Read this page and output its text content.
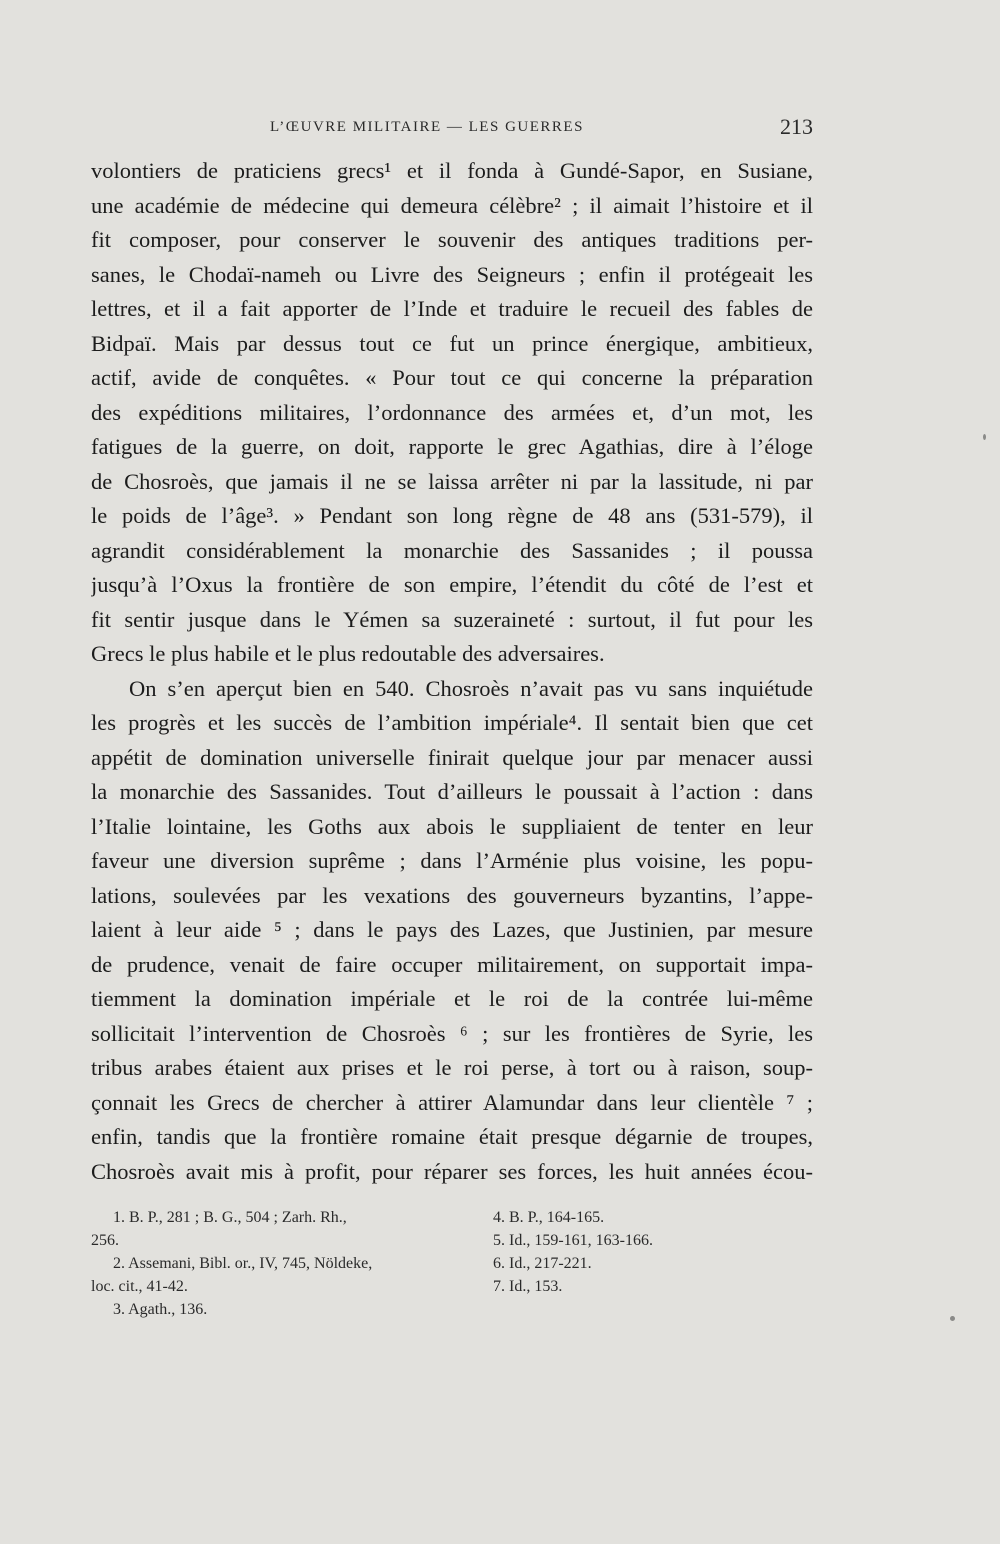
L’ŒUVRE MILITAIRE — LES GUERRES	213
volontiers de praticiens grecs¹ et il fonda à Gundé-Sapor, en Susiane,
une académie de médecine qui demeura célèbre² ; il aimait l’histoire et il
fit composer, pour conserver le souvenir des antiques traditions per-
sanes, le Chodaï-nameh ou Livre des Seigneurs ; enfin il protégeait les
lettres, et il a fait apporter de l’Inde et traduire le recueil des fables de
Bidpaï. Mais par dessus tout ce fut un prince énergique, ambitieux,
actif, avide de conquêtes. « Pour tout ce qui concerne la préparation
des expéditions militaires, l’ordonnance des armées et, d’un mot, les
fatigues de la guerre, on doit, rapporte le grec Agathias, dire à l’éloge
de Chosroès, que jamais il ne se laissa arrêter ni par la lassitude, ni par
le poids de l’âge³. » Pendant son long règne de 48 ans (531-579), il
agrandit considérablement la monarchie des Sassanides ; il poussa
jusqu’à l’Oxus la frontière de son empire, l’étendit du côté de l’est et
fit sentir jusque dans le Yémen sa suzeraineté : surtout, il fut pour les
Grecs le plus habile et le plus redoutable des adversaires.
On s’en aperçut bien en 540. Chosroès n’avait pas vu sans inquiétude
les progrès et les succès de l’ambition impériale⁴. Il sentait bien que cet
appétit de domination universelle finirait quelque jour par menacer aussi
la monarchie des Sassanides. Tout d’ailleurs le poussait à l’action : dans
l’Italie lointaine, les Goths aux abois le suppliaient de tenter en leur
faveur une diversion suprême ; dans l’Arménie plus voisine, les popu-
lations, soulevées par les vexations des gouverneurs byzantins, l’appe-
laient à leur aide ⁵ ; dans le pays des Lazes, que Justinien, par mesure
de prudence, venait de faire occuper militairement, on supportait impa-
tiemment la domination impériale et le roi de la contrée lui-même
sollicitait l’intervention de Chosroès ⁶ ; sur les frontières de Syrie, les
tribus arabes étaient aux prises et le roi perse, à tort ou à raison, soup-
çonnait les Grecs de chercher à attirer Alamundar dans leur clientèle ⁷ ;
enfin, tandis que la frontière romaine était presque dégarnie de troupes,
Chosroès avait mis à profit, pour réparer ses forces, les huit années écou-
1. B. P., 281 ; B. G., 504 ; Zarh. Rh.,
256.
2. Assemani, Bibl. or., IV, 745, Nöldeke,
loc. cit., 41-42.
3. Agath., 136.
4. B. P., 164-165.
5. Id., 159-161, 163-166.
6. Id., 217-221.
7. Id., 153.
